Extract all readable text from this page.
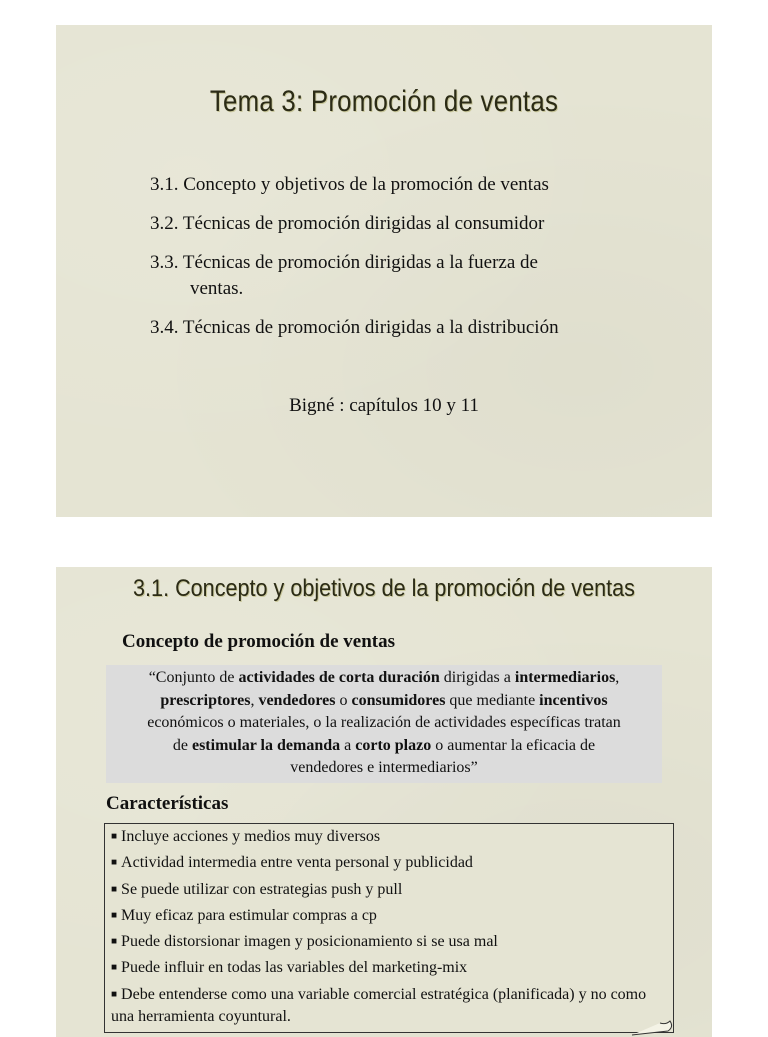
Tema 3: Promoción de ventas
3.1. Concepto y objetivos de la promoción de ventas
3.2. Técnicas de promoción dirigidas al consumidor
3.3. Técnicas de promoción dirigidas a la fuerza de
ventas.
3.4. Técnicas de promoción dirigidas a la distribución
Bigné : capítulos 10 y 11
3.1. Concepto y objetivos de la promoción de ventas
Concepto de promoción de ventas
“Conjunto de actividades de corta duración dirigidas a intermediarios,
prescriptores, vendedores o consumidores que mediante incentivos
económicos o materiales, o la realización de actividades específicas tratan
de estimular la demanda a corto plazo o aumentar la eficacia de
vendedores e intermediarios”
Características
■ Incluye acciones y medios muy diversos
■ Actividad intermedia entre venta personal y publicidad
■ Se puede utilizar con estrategias push y pull
■ Muy eficaz para estimular compras a cp
■ Puede distorsionar imagen y posicionamiento si se usa mal
■ Puede influir en todas las variables del marketing-mix
■ Debe entenderse como una variable comercial estratégica (planificada) y no como una herramienta coyuntural.
